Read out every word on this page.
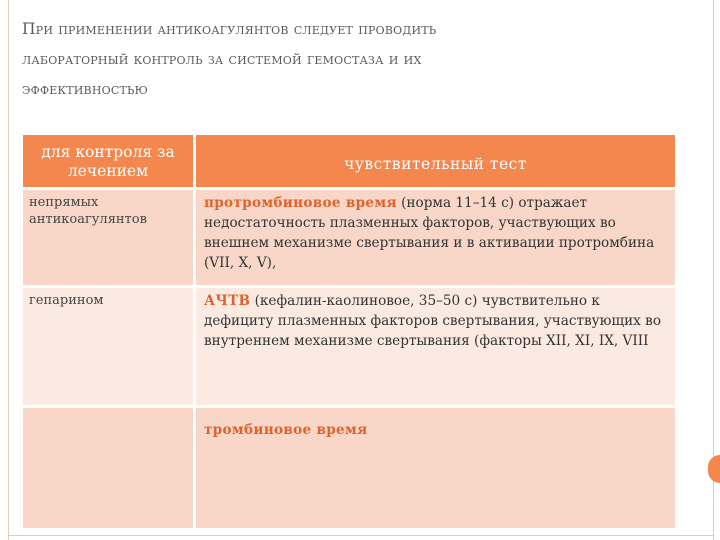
При применении антикоагулянтов следует проводить
лабораторный контроль за системой гемостаза и их
эффективностью
для контроля за лечением	чувствительный тест
непрямых антикоагулянтов	протромбиновое время (норма 11–14 с) отражает недостаточность плазменных факторов, участвующих во внешнем механизме свертывания и в активации протромбина (VII, X, V),
гепарином	АЧТВ (кефалин-каолиновое, 35–50 с) чувствительно к дефициту плазменных факторов свертывания, участвующих во внутреннем механизме свертывания (факторы XII, XI, IX, VIII
	тромбиновое время
